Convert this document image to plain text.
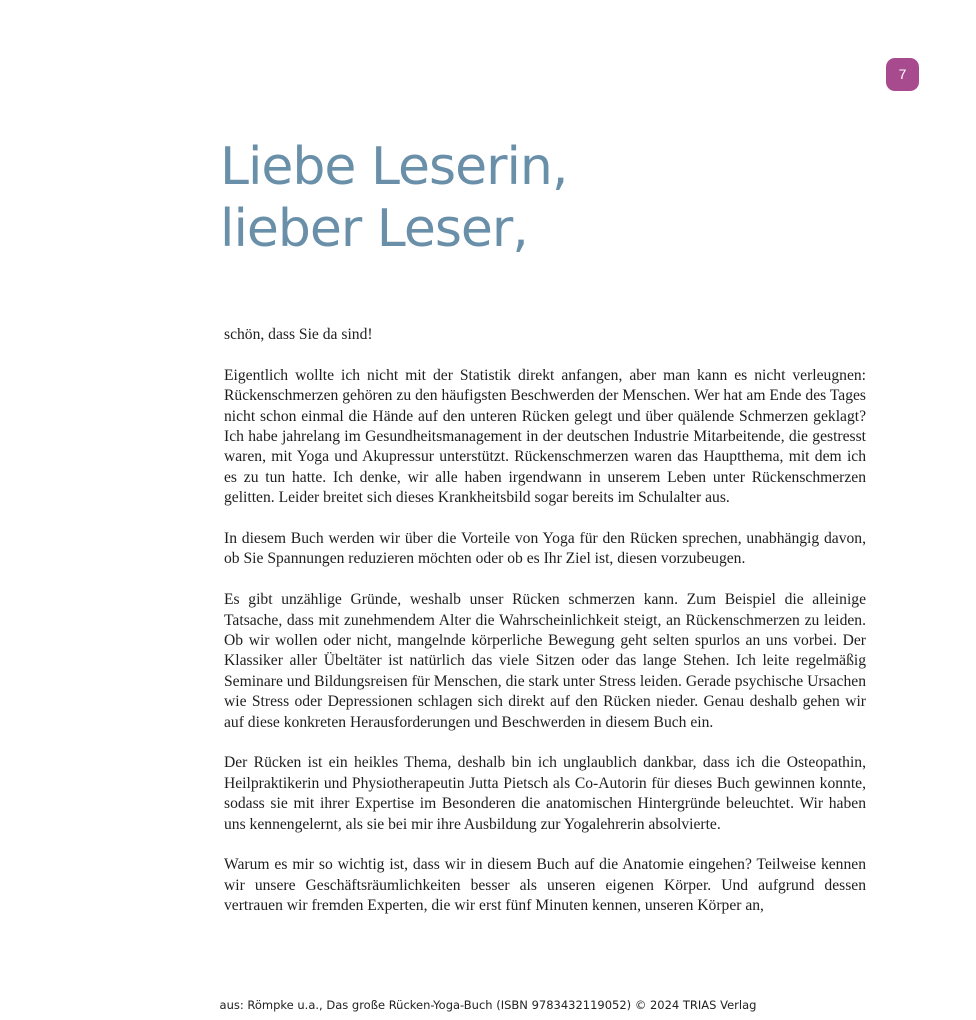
7
Liebe Leserin,
lieber Leser,

schön, dass Sie da sind!

Eigentlich wollte ich nicht mit der Statistik direkt anfangen, aber man kann es nicht verleugnen: Rückenschmerzen gehören zu den häufigsten Beschwerden der Menschen. Wer hat am Ende des Tages nicht schon einmal die Hände auf den unteren Rücken gelegt und über quälende Schmerzen geklagt? Ich habe jahrelang im Gesundheitsmanagement in der deutschen Industrie Mitarbeitende, die gestresst waren, mit Yoga und Akupressur unterstützt. Rückenschmerzen waren das Hauptthema, mit dem ich es zu tun hatte. Ich denke, wir alle haben irgendwann in unserem Leben unter Rückenschmerzen gelitten. Leider breitet sich dieses Krankheitsbild sogar bereits im Schulalter aus.

In diesem Buch werden wir über die Vorteile von Yoga für den Rücken sprechen, unabhängig davon, ob Sie Spannungen reduzieren möchten oder ob es Ihr Ziel ist, diesen vorzubeugen.

Es gibt unzählige Gründe, weshalb unser Rücken schmerzen kann. Zum Beispiel die alleinige Tatsache, dass mit zunehmendem Alter die Wahrscheinlichkeit steigt, an Rückenschmerzen zu leiden. Ob wir wollen oder nicht, mangelnde körperliche Bewegung geht selten spurlos an uns vorbei. Der Klassiker aller Übeltäter ist natürlich das viele Sitzen oder das lange Stehen. Ich leite regelmäßig Seminare und Bildungsreisen für Menschen, die stark unter Stress leiden. Gerade psychische Ursachen wie Stress oder Depressionen schlagen sich direkt auf den Rücken nieder. Genau deshalb gehen wir auf diese konkreten Herausforderungen und Beschwerden in diesem Buch ein.

Der Rücken ist ein heikles Thema, deshalb bin ich unglaublich dankbar, dass ich die Osteopathin, Heilpraktikerin und Physiotherapeutin Jutta Pietsch als Co-Autorin für dieses Buch gewinnen konnte, sodass sie mit ihrer Expertise im Besonderen die anatomischen Hintergründe beleuchtet. Wir haben uns kennengelernt, als sie bei mir ihre Ausbildung zur Yogalehrerin absolvierte.

Warum es mir so wichtig ist, dass wir in diesem Buch auf die Anatomie eingehen? Teilweise kennen wir unsere Geschäftsräumlichkeiten besser als unseren eigenen Körper. Und aufgrund dessen vertrauen wir fremden Experten, die wir erst fünf Minuten kennen, unseren Körper an,

aus: Römpke u.a., Das große Rücken-Yoga-Buch (ISBN 9783432119052) © 2024 TRIAS Verlag
